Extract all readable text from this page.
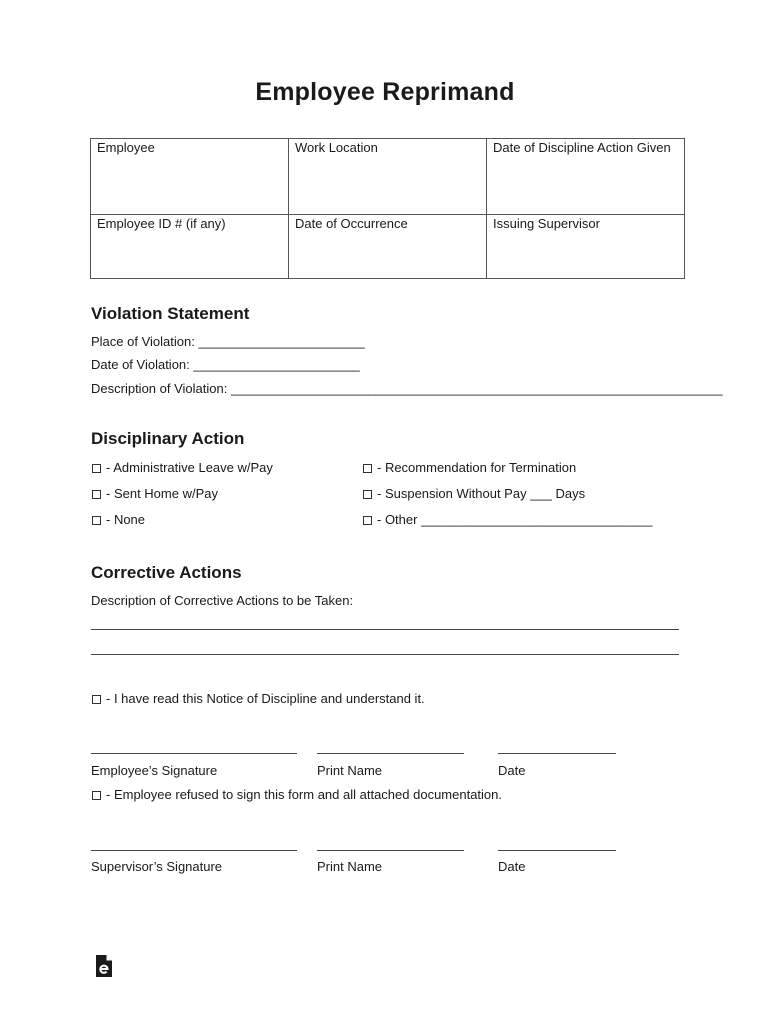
Employee Reprimand
Employee	Work Location	Date of Discipline Action Given
Employee ID # (if any)	Date of Occurrence	Issuing Supervisor
Violation Statement
Place of Violation: _______________________
Date of Violation: _______________________
Description of Violation: ____________________________________________________________________
Disciplinary Action
- Administrative Leave w/Pay
- Sent Home w/Pay
- None
- Recommendation for Termination
- Suspension Without Pay ___ Days
- Other ________________________________
Corrective Actions
Description of Corrective Actions to be Taken:
- I have read this Notice of Discipline and understand it.
Employee’s Signature	Print Name	Date
- Employee refused to sign this form and all attached documentation.
Supervisor’s Signature	Print Name	Date
